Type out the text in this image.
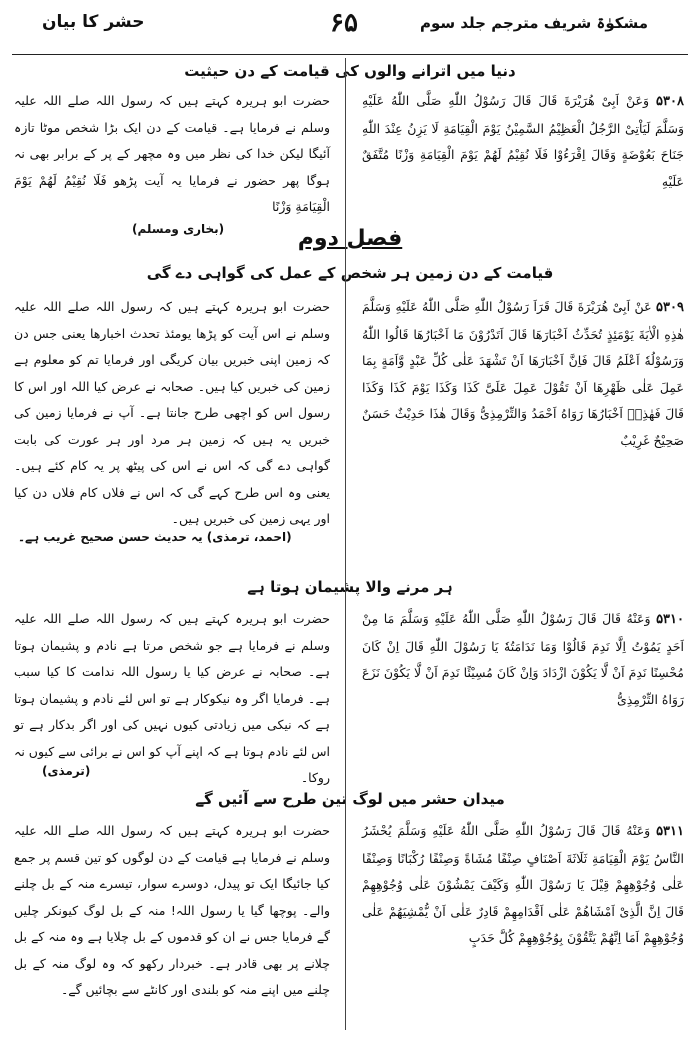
مشکوٰۃ شریف مترجم جلد سوم
۶۵
حشر کا بیان
دنیا میں اترانے والوں کی قیامت کے دن حیثیت
۵۳۰۸ وَعَنْ اَبِیْ هُرَیْرَةَ قَالَ قَالَ رَسُوْلُ اللّٰهِ صَلَّى اللّٰهُ عَلَیْهِ وَسَلَّمَ لَیَاْتِیْ الرَّجُلُ الْعَظِیْمُ السَّمِیْنُ یَوْمَ الْقِیَامَةِ لَا یَزِنُ عِنْدَ اللّٰهِ جَنَاحَ بَعُوْضَةٍ وَقَالَ اِقْرَءُوْا فَلَا نُقِیْمُ لَهُمْ یَوْمَ الْقِیَامَةِ وَزْنًا مُتَّفَقٌ عَلَیْهِ
حضرت ابو ہریرہ کہتے ہیں کہ رسول اللہ صلے اللہ علیہ وسلم نے فرمایا ہے۔ قیامت کے دن ایک بڑا شخص موٹا تازہ آئیگا لیکن خدا کی نظر میں وہ مچھر کے پر کے برابر بھی نہ ہوگا پھر حضور نے فرمایا یہ آیت پڑھو فَلَا نُقِیْمُ لَهُمْ یَوْمَ الْقِیَامَةِ وَزْنًا
(بخاری ومسلم)	فصل دوم
قیامت کے دن زمین ہر شخص کے عمل کی گواہی دے گی
۵۳۰۹ عَنْ اَبِیْ هُرَیْرَةَ قَالَ قَرَاَ رَسُوْلُ اللّٰهِ صَلَّى اللّٰهُ عَلَیْهِ وَسَلَّمَ هٰذِهِ الْاٰیَةَ یَوْمَئِذٍ تُحَدِّثُ اَخْبَارَهَا قَالَ اَتَدْرُوْنَ مَا اَخْبَارُهَا قَالُوا اللّٰهُ وَرَسُوْلُهٗ اَعْلَمُ قَالَ فَاِنَّ اَخْبَارَهَا اَنْ تَشْهَدَ عَلٰى كُلِّ عَبْدٍ وَّاَمَةٍ بِمَا عَمِلَ عَلٰى ظَهْرِهَا اَنْ تَقُوْلَ عَمِلَ عَلَیَّ كَذَا وَكَذَا یَوْمَ كَذَا وَكَذَا قَالَ فَهٰذِهٖ اَخْبَارُهَا رَوَاهُ اَحْمَدُ وَالتِّرْمِذِیُّ وَقَالَ هٰذَا حَدِیْثٌ حَسَنٌ صَحِیْحٌ غَرِیْبٌ
حضرت ابو ہریرہ کہتے ہیں کہ رسول اللہ صلے اللہ علیہ وسلم نے اس آیت کو پڑھا یومئذ تحدث اخبارها یعنی جس دن کہ زمین اپنی خبریں بیان کریگی اور فرمایا تم کو معلوم ہے زمین کی خبریں کیا ہیں۔ صحابہ نے عرض کیا اللہ اور اس کا رسول اس کو اچھی طرح جانتا ہے۔ آپ نے فرمایا زمین کی خبریں یہ ہیں کہ زمین ہر مرد اور ہر عورت کی بابت گواہی دے گی کہ اس نے اس کی پیٹھ پر یہ کام کئے ہیں۔ یعنی وہ اس طرح کہے گی کہ اس نے فلاں کام فلاں دن کیا اور یہی زمین کی خبریں ہیں۔
(احمد، ترمذی) یہ حدیث حسن صحیح غریب ہے۔
ہر مرنے والا پشیمان ہوتا ہے
۵۳۱۰ وَعَنْهُ قَالَ قَالَ رَسُوْلُ اللّٰهِ صَلَّى اللّٰهُ عَلَیْهِ وَسَلَّمَ مَا مِنْ اَحَدٍ یَمُوْتُ اِلَّا نَدِمَ قَالُوْا وَمَا نَدَامَتُهٗ یَا رَسُوْلَ اللّٰهِ قَالَ اِنْ كَانَ مُحْسِنًا نَدِمَ اَنْ لَّا یَكُوْنَ ازْدَادَ وَاِنْ كَانَ مُسِیْئًا نَدِمَ اَنْ لَّا یَكُوْنَ نَزَعَ رَوَاهُ التِّرْمِذِیُّ
حضرت ابو ہریرہ کہتے ہیں کہ رسول اللہ صلے اللہ علیہ وسلم نے فرمایا ہے جو شخص مرتا ہے نادم و پشیمان ہوتا ہے۔ صحابہ نے عرض کیا یا رسول اللہ ندامت کا کیا سبب ہے۔ فرمایا اگر وہ نیکوکار ہے تو اس لئے نادم و پشیمان ہوتا ہے کہ نیکی میں زیادتی کیوں نہیں کی اور اگر بدکار ہے تو اس لئے نادم ہوتا ہے کہ اپنے آپ کو اس نے برائی سے کیوں نہ روکا۔
(ترمذی)
میدان حشر میں لوگ تین طرح سے آئیں گے
۵۳۱۱ وَعَنْهُ قَالَ قَالَ رَسُوْلُ اللّٰهِ صَلَّى اللّٰهُ عَلَیْهِ وَسَلَّمَ یُحْشَرُ النَّاسُ یَوْمَ الْقِیَامَةِ ثَلَاثَةَ اَصْنَافٍ صِنْفًا مُشَاةً وَصِنْفًا رُكْبَانًا وَصِنْفًا عَلٰى وُجُوْهِهِمْ قِیْلَ یَا رَسُوْلَ اللّٰهِ وَكَیْفَ یَمْشُوْنَ عَلٰى وُجُوْهِهِمْ قَالَ اِنَّ الَّذِیْ اَمْشَاهُمْ عَلٰى اَقْدَامِهِمْ قَادِرٌ عَلٰى اَنْ یُّمْشِیَهُمْ عَلٰى وُجُوْهِهِمْ اَمَا اِنَّهُمْ یَتَّقُوْنَ بِوُجُوْهِهِمْ كُلَّ حَدَبٍ
حضرت ابو ہریرہ کہتے ہیں کہ رسول اللہ صلے اللہ علیہ وسلم نے فرمایا ہے قیامت کے دن لوگوں کو تین قسم پر جمع کیا جائیگا ایک تو پیدل، دوسرے سوار، تیسرے منہ کے بل چلنے والے۔ پوچھا گیا یا رسول اللہ! منہ کے بل لوگ کیونکر چلیں گے فرمایا جس نے ان کو قدموں کے بل چلایا ہے وہ منہ کے بل چلانے پر بھی قادر ہے۔ خبردار رکھو کہ وہ لوگ منہ کے بل چلنے میں اپنے منہ کو بلندی اور کانٹے سے بچائیں گے۔
